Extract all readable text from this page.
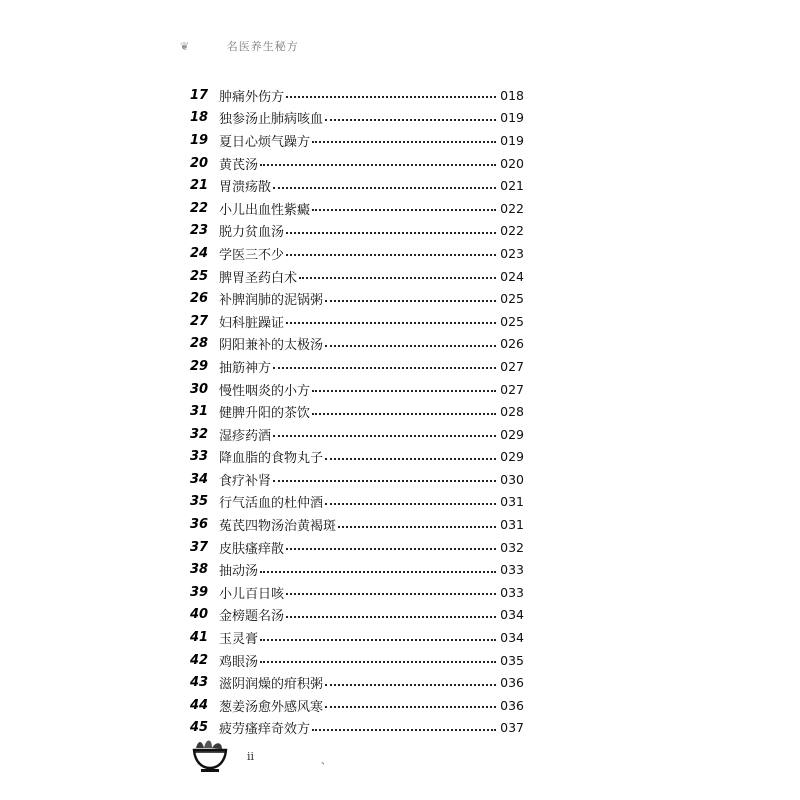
❦	名医养生秘方
17 肿痛外伤方	018
18 独参汤止肺病咳血	019
19 夏日心烦气躁方	019
20 黄芪汤	020
21 胃溃疡散	021
22 小儿出血性紫癜	022
23 脱力贫血汤	022
24 学医三不少	023
25 脾胃圣药白术	024
26 补脾润肺的泥锅粥	025
27 妇科脏躁证	025
28 阴阳兼补的太极汤	026
29 抽筋神方	027
30 慢性咽炎的小方	027
31 健脾升阳的茶饮	028
32 湿疹药酒	029
33 降血脂的食物丸子	029
34 食疗补肾	030
35 行气活血的杜仲酒	031
36 菟芪四物汤治黄褐斑	031
37 皮肤瘙痒散	032
38 抽动汤	033
39 小儿百日咳	033
40 金榜题名汤	034
41 玉灵膏	034
42 鸡眼汤	035
43 滋阴润燥的疳积粥	036
44 葱姜汤愈外感风寒	036
45 疲劳瘙痒奇效方	037
ii	、
